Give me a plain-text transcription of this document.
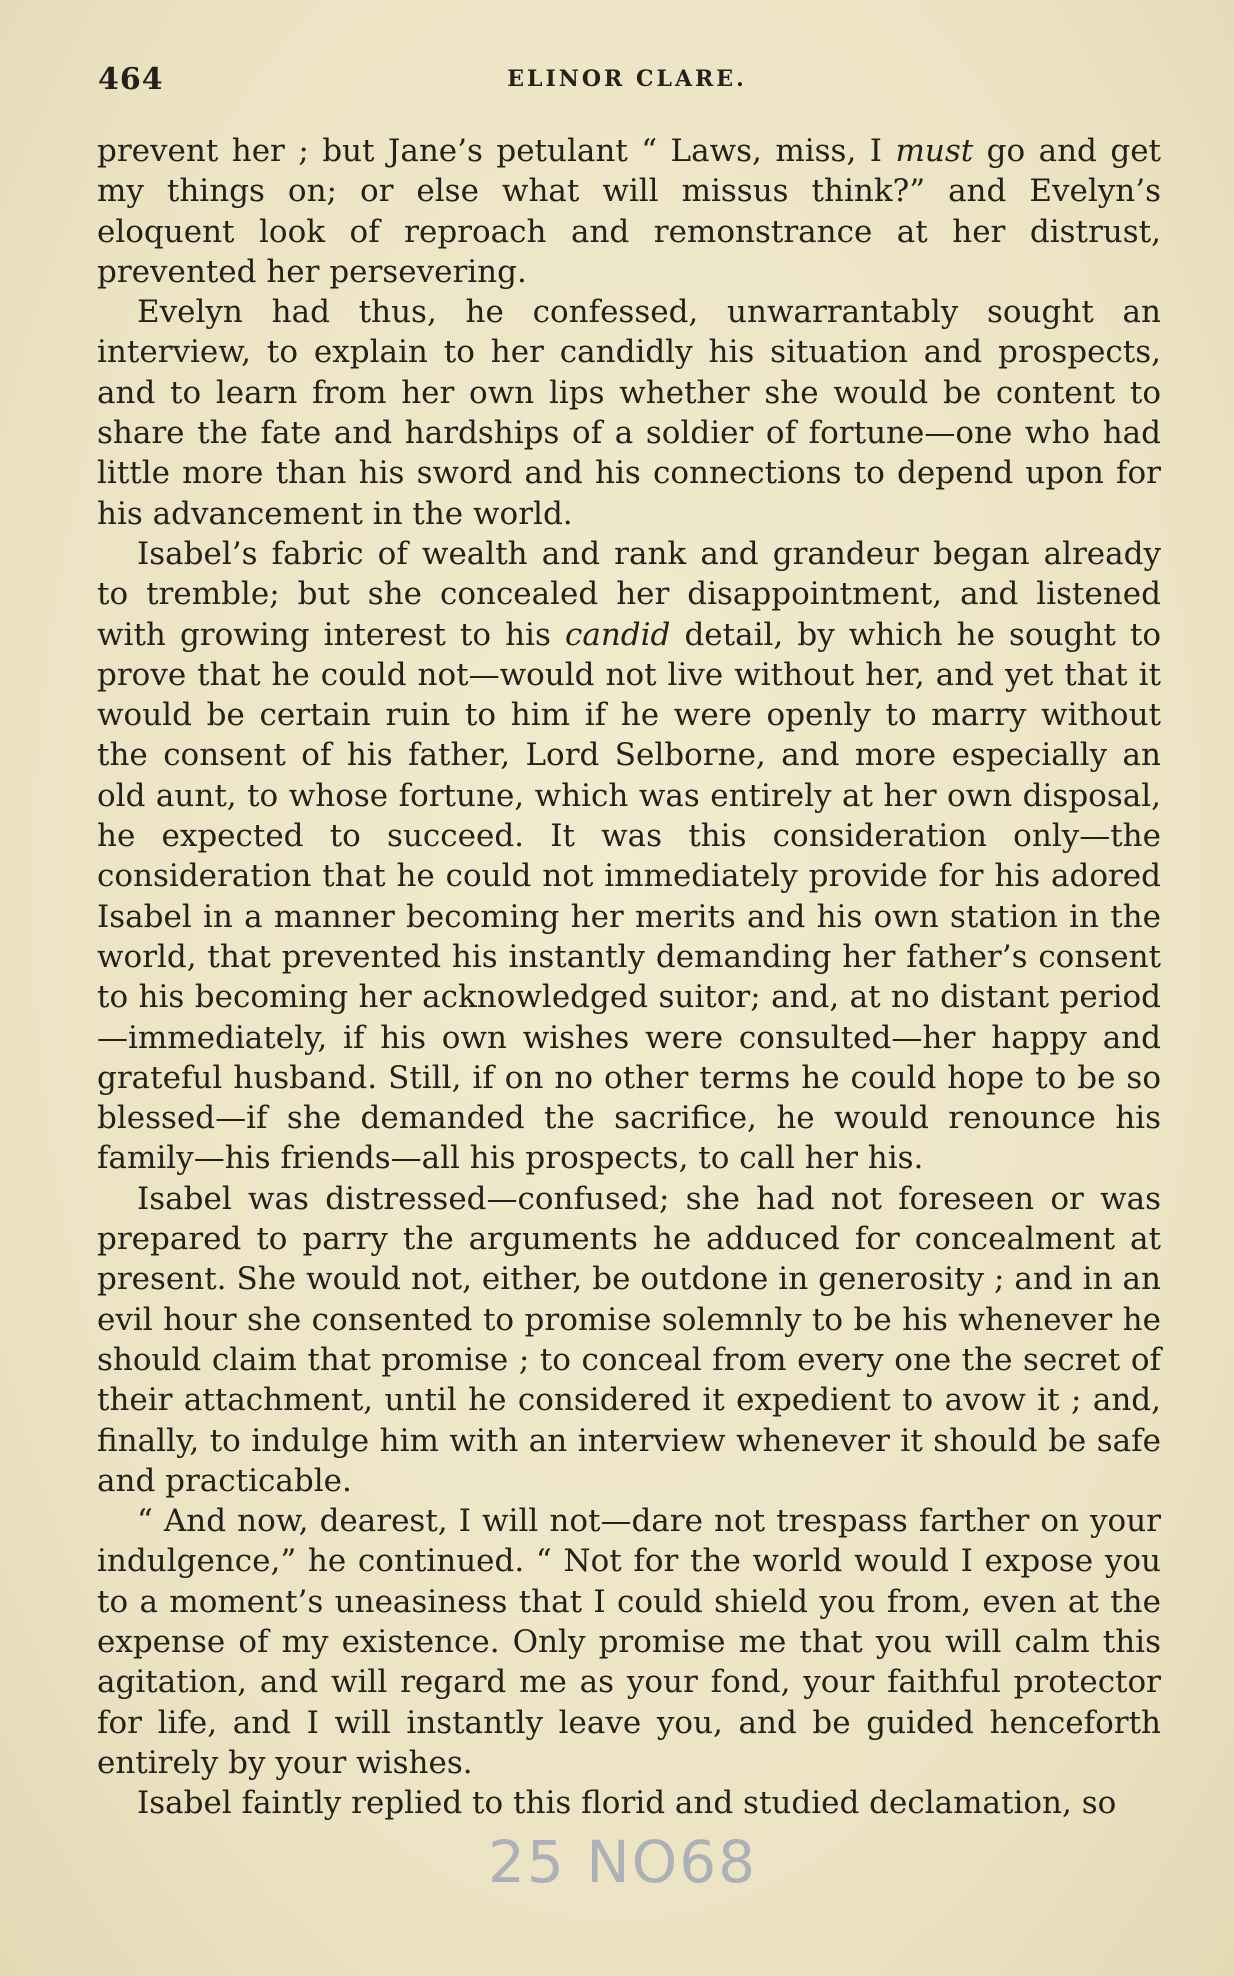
464	ELINOR CLARE.

prevent her ; but Jane’s petulant “ Laws, miss, I must go and get my things on; or else what will missus think?” and Evelyn’s eloquent look of reproach and remonstrance at her distrust, prevented her persevering.

Evelyn had thus, he confessed, unwarrantably sought an interview, to explain to her candidly his situation and prospects, and to learn from her own lips whether she would be content to share the fate and hardships of a soldier of fortune—one who had little more than his sword and his connections to depend upon for his advancement in the world.

Isabel’s fabric of wealth and rank and grandeur began already to tremble; but she concealed her disappointment, and listened with growing interest to his candid detail, by which he sought to prove that he could not—would not live without her, and yet that it would be certain ruin to him if he were openly to marry without the consent of his father, Lord Selborne, and more especially an old aunt, to whose fortune, which was entirely at her own disposal, he expected to succeed. It was this consideration only—the consideration that he could not immediately provide for his adored Isabel in a manner becoming her merits and his own station in the world, that prevented his instantly demanding her father’s consent to his becoming her acknowledged suitor; and, at no distant period—immediately, if his own wishes were consulted—her happy and grateful husband. Still, if on no other terms he could hope to be so blessed—if she demanded the sacrifice, he would renounce his family—his friends—all his prospects, to call her his.

Isabel was distressed—confused; she had not foreseen or was prepared to parry the arguments he adduced for concealment at present. She would not, either, be outdone in generosity ; and in an evil hour she consented to promise solemnly to be his whenever he should claim that promise ; to conceal from every one the secret of their attachment, until he considered it expedient to avow it ; and, finally, to indulge him with an interview whenever it should be safe and practicable.

“ And now, dearest, I will not—dare not trespass farther on your indulgence,” he continued. “ Not for the world would I expose you to a moment’s uneasiness that I could shield you from, even at the expense of my existence. Only promise me that you will calm this agitation, and will regard me as your fond, your faithful protector for life, and I will instantly leave you, and be guided henceforth entirely by your wishes.

Isabel faintly replied to this florid and studied declamation, so

25 NO68
